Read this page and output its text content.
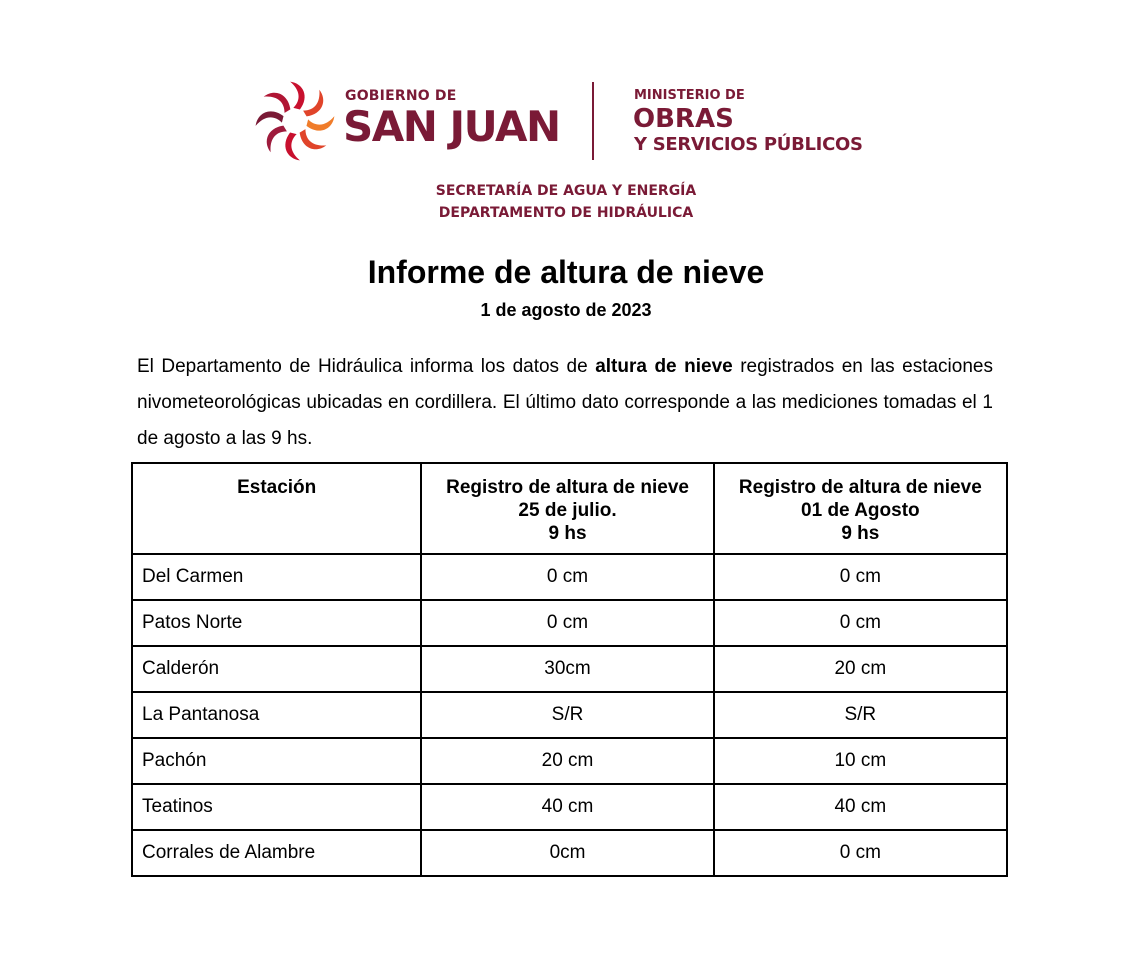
GOBIERNO DE
SAN JUAN
MINISTERIO DE
OBRAS
Y SERVICIOS PÚBLICOS
SECRETARÍA DE AGUA Y ENERGÍA
DEPARTAMENTO DE HIDRÁULICA
Informe de altura de nieve
1 de agosto de 2023

El Departamento de Hidráulica informa los datos de altura de nieve registrados en las estaciones nivometeorológicas ubicadas en cordillera. El último dato corresponde a las mediciones tomadas el 1 de agosto a las 9 hs.

Estación	Registro de altura de nieve
25 de julio.
9 hs	Registro de altura de nieve
01 de Agosto
9 hs

Del Carmen	0 cm	0 cm
Patos Norte	0 cm	0 cm
Calderón	30cm	20 cm
La Pantanosa	S/R	S/R
Pachón	20 cm	10 cm
Teatinos	40 cm	40 cm
Corrales de Alambre	0cm	0 cm
